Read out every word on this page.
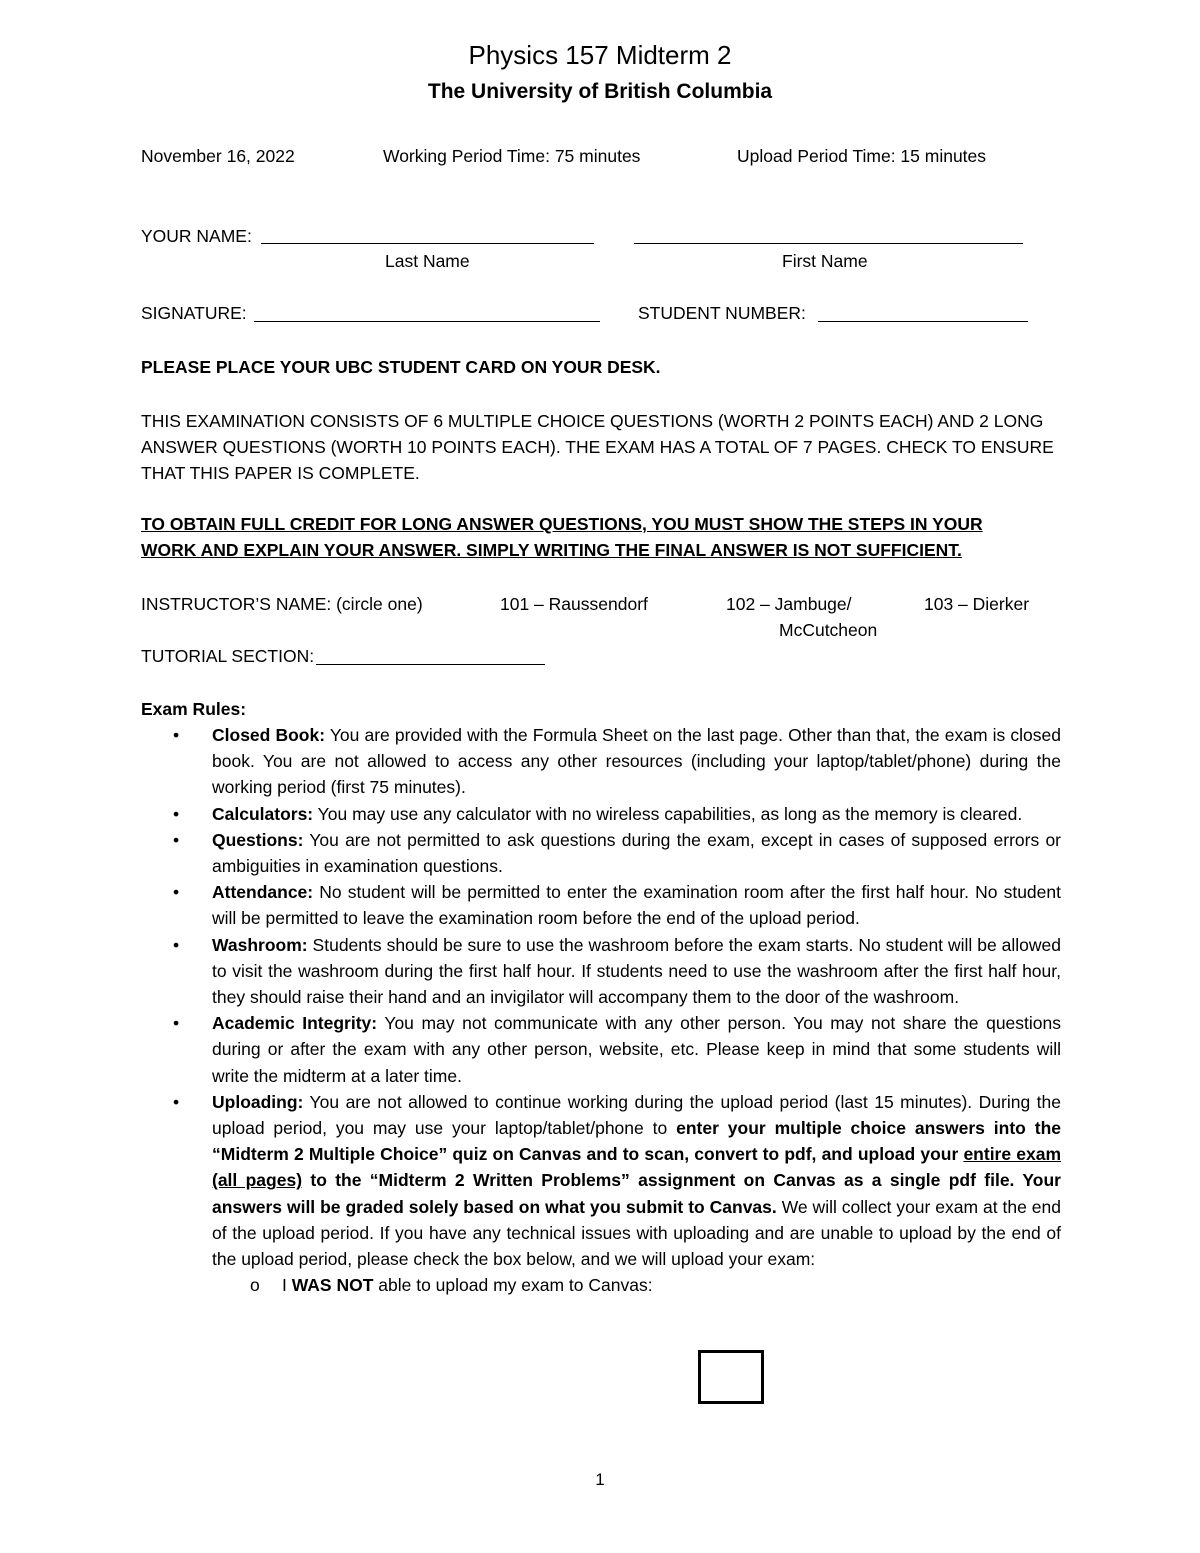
Physics 157 Midterm 2
The University of British Columbia
November 16, 2022	Working Period Time: 75 minutes	Upload Period Time: 15 minutes
YOUR NAME:
Last Name	First Name
SIGNATURE:	STUDENT NUMBER:
PLEASE PLACE YOUR UBC STUDENT CARD ON YOUR DESK.
THIS EXAMINATION CONSISTS OF 6 MULTIPLE CHOICE QUESTIONS (WORTH 2 POINTS EACH) AND 2 LONG ANSWER QUESTIONS (WORTH 10 POINTS EACH). THE EXAM HAS A TOTAL OF 7 PAGES. CHECK TO ENSURE THAT THIS PAPER IS COMPLETE.
TO OBTAIN FULL CREDIT FOR LONG ANSWER QUESTIONS, YOU MUST SHOW THE STEPS IN YOUR
WORK AND EXPLAIN YOUR ANSWER. SIMPLY WRITING THE FINAL ANSWER IS NOT SUFFICIENT.
INSTRUCTOR’S NAME: (circle one)	101 – Raussendorf	102 – Jambuge/
McCutcheon
103 – Dierker
TUTORIAL SECTION:
Exam Rules:
• Closed Book: You are provided with the Formula Sheet on the last page. Other than that, the exam is closed book. You are not allowed to access any other resources (including your laptop/tablet/phone) during the working period (first 75 minutes).
• Calculators: You may use any calculator with no wireless capabilities, as long as the memory is cleared.
• Questions: You are not permitted to ask questions during the exam, except in cases of supposed errors or ambiguities in examination questions.
• Attendance: No student will be permitted to enter the examination room after the first half hour. No student will be permitted to leave the examination room before the end of the upload period.
• Washroom: Students should be sure to use the washroom before the exam starts. No student will be allowed to visit the washroom during the first half hour. If students need to use the washroom after the first half hour, they should raise their hand and an invigilator will accompany them to the door of the washroom.
• Academic Integrity: You may not communicate with any other person. You may not share the questions during or after the exam with any other person, website, etc. Please keep in mind that some students will write the midterm at a later time.
• Uploading: You are not allowed to continue working during the upload period (last 15 minutes). During the upload period, you may use your laptop/tablet/phone to enter your multiple choice answers into the “Midterm 2 Multiple Choice” quiz on Canvas and to scan, convert to pdf, and upload your entire exam (all pages) to the “Midterm 2 Written Problems” assignment on Canvas as a single pdf file. Your answers will be graded solely based on what you submit to Canvas. We will collect your exam at the end of the upload period. If you have any technical issues with uploading and are unable to upload by the end of the upload period, please check the box below, and we will upload your exam:
o I WAS NOT able to upload my exam to Canvas:
1
